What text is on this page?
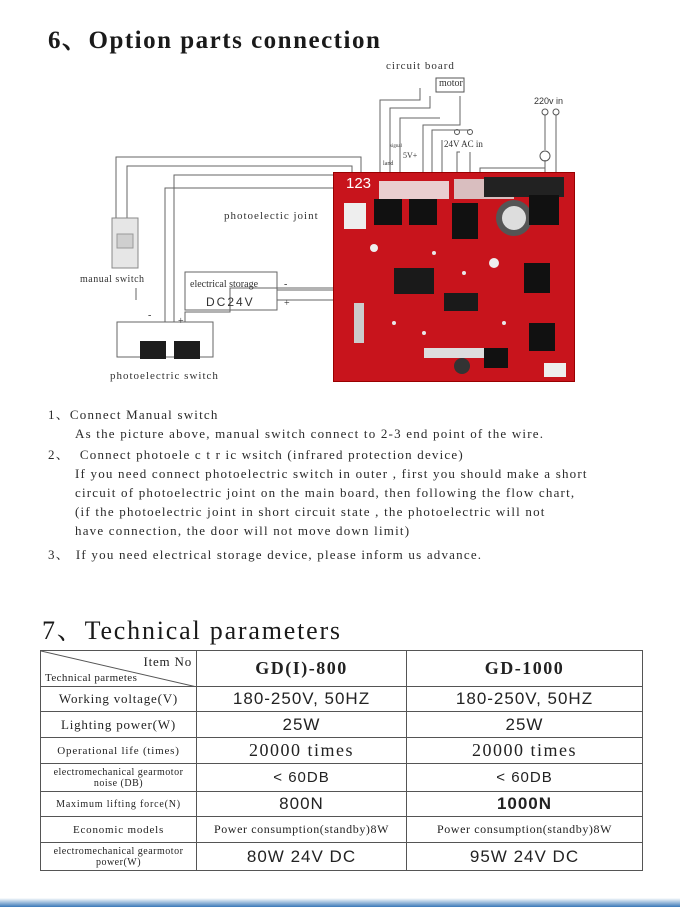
6、Option parts connection
123
circuit board
motor
220v in
24V AC in
5V+
land
signal
photoelectic joint
manual switch	electrical storage
DC24V
photoelectric switch
-
+
-
+

1、Connect Manual switch

As the picture above, manual switch connect to 2-3 end point of the wire.

2、 Connect photoele c t r ic wsitch (infrared protection device)

If you need connect photoelectric switch in outer , first you should make a short

circuit of photoelectric joint on the main board, then following the flow chart,

(if the photoelectric joint in short circuit state , the photoelectric will not

have connection, the door will not move down limit)

3、 If you need electrical storage device, please inform us advance.

7、Technical parameters
Item No
Technical parmetes	GD(I)-800	GD-1000
Working voltage(V)	180-250V, 50HZ	180-250V, 50HZ
Lighting power(W)	25W	25W
Operational life (times)	20000 times	20000 times
electromechanical gearmotor noise (DB)	< 60DB	< 60DB
Maximum lifting force(N)	800N	1000N
Economic models	Power consumption(standby)8W	Power consumption(standby)8W
electromechanical gearmotor power(W)	80W 24V DC	95W 24V DC
